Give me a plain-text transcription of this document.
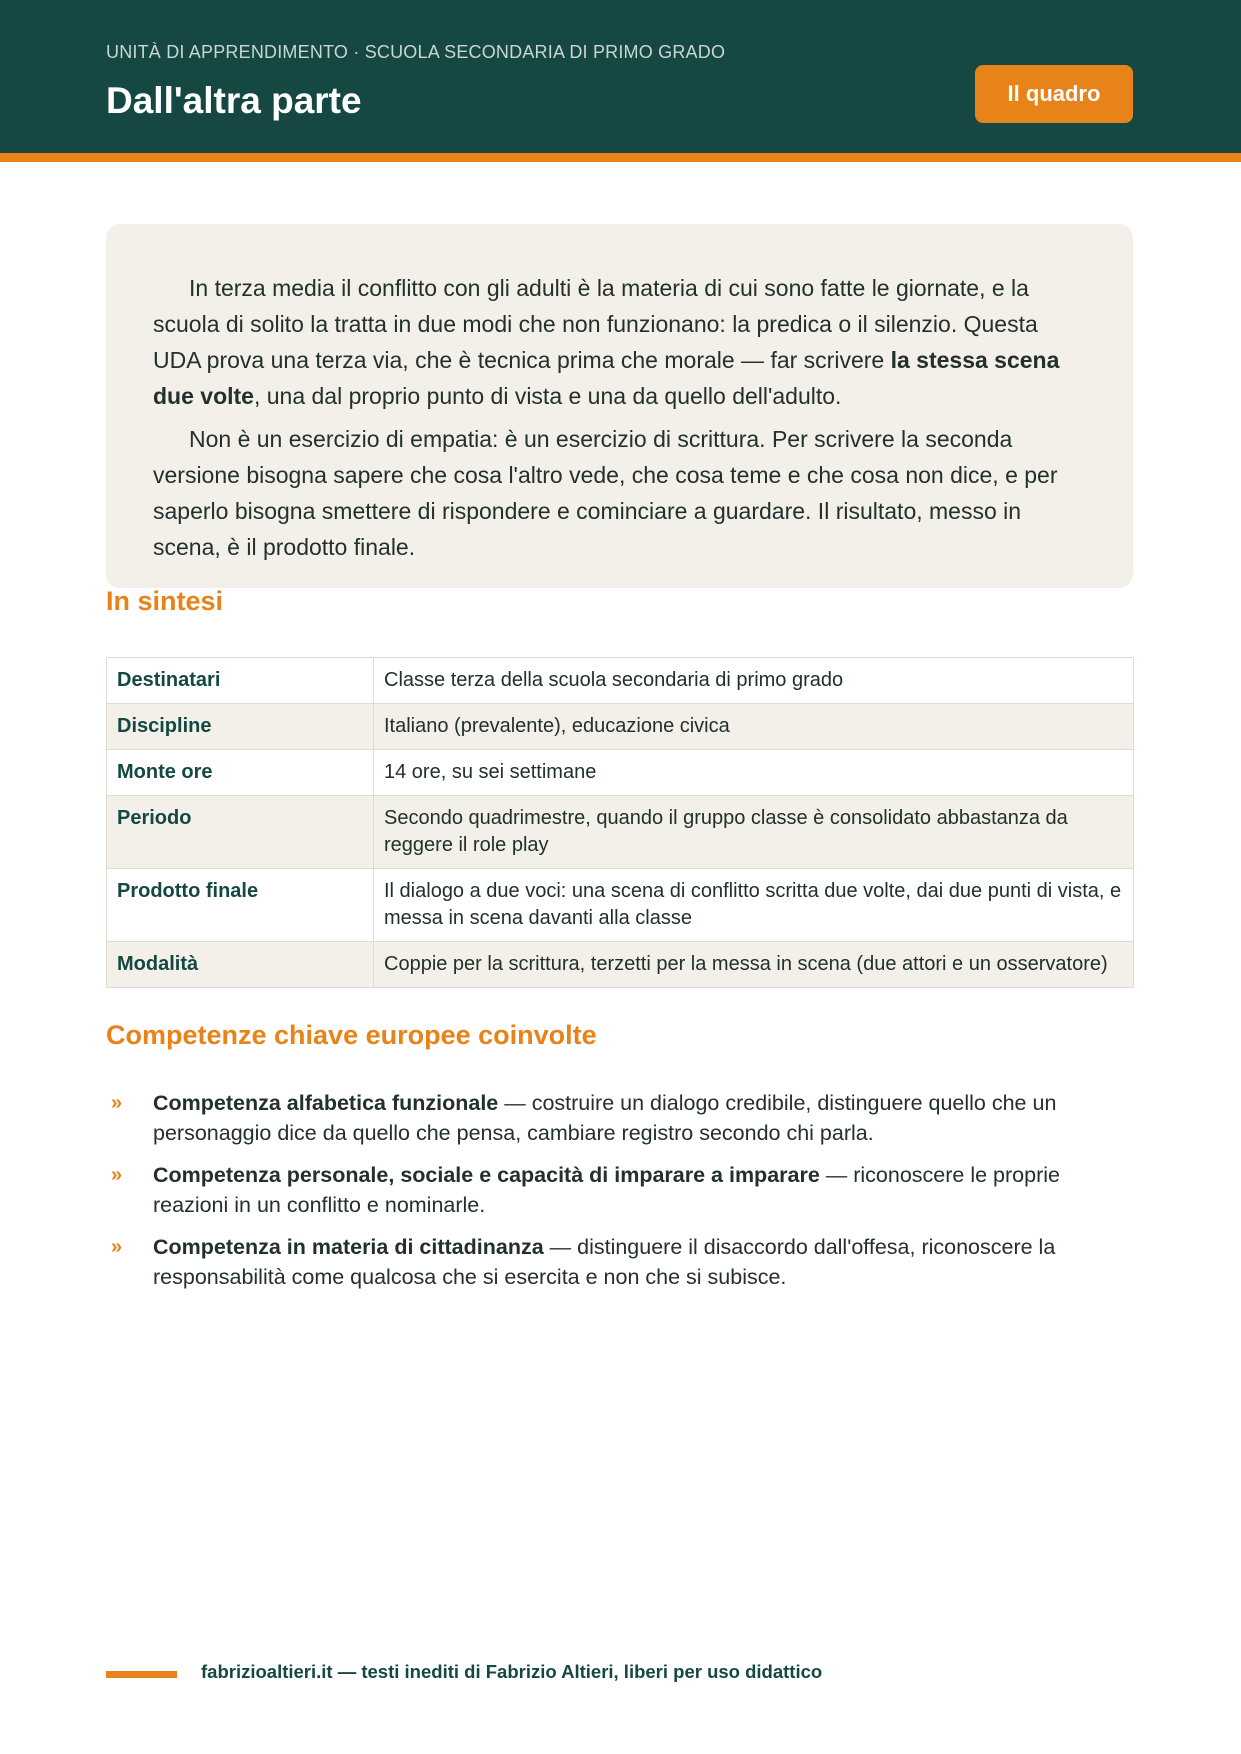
UNITÀ DI APPRENDIMENTO · SCUOLA SECONDARIA DI PRIMO GRADO
Dall'altra parte	Il quadro

In terza media il conflitto con gli adulti è la materia di cui sono fatte le giornate, e la scuola di solito la tratta in due modi che non funzionano: la predica o il silenzio. Questa UDA prova una terza via, che è tecnica prima che morale — far scrivere la stessa scena due volte, una dal proprio punto di vista e una da quello dell'adulto.

Non è un esercizio di empatia: è un esercizio di scrittura. Per scrivere la seconda versione bisogna sapere che cosa l'altro vede, che cosa teme e che cosa non dice, e per saperlo bisogna smettere di rispondere e cominciare a guardare. Il risultato, messo in scena, è il prodotto finale.

In sintesi
Destinatari	Classe terza della scuola secondaria di primo grado
Discipline	Italiano (prevalente), educazione civica
Monte ore	14 ore, su sei settimane
Periodo	Secondo quadrimestre, quando il gruppo classe è consolidato abbastanza da reggere il role play
Prodotto finale	Il dialogo a due voci: una scena di conflitto scritta due volte, dai due punti di vista, e messa in scena davanti alla classe
Modalità	Coppie per la scrittura, terzetti per la messa in scena (due attori e un osservatore)
Competenze chiave europee coinvolte
» Competenza alfabetica funzionale — costruire un dialogo credibile, distinguere quello che un personaggio dice da quello che pensa, cambiare registro secondo chi parla.
» Competenza personale, sociale e capacità di imparare a imparare — riconoscere le proprie reazioni in un conflitto e nominarle.
» Competenza in materia di cittadinanza — distinguere il disaccordo dall'offesa, riconoscere la responsabilità come qualcosa che si esercita e non che si subisce.
fabrizioaltieri.it — testi inediti di Fabrizio Altieri, liberi per uso didattico
